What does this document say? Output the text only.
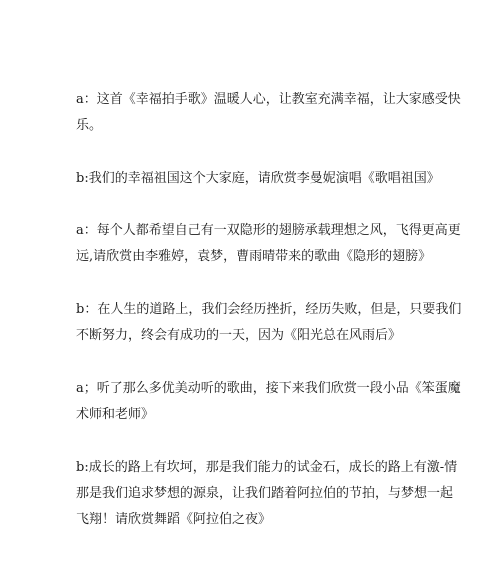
a：这首《幸福拍手歌》温暖人心，让教室充满幸福，让大家感受快
乐。
b:我们的幸福祖国这个大家庭，请欣赏李曼妮演唱《歌唱祖国》
a：每个人都希望自己有一双隐形的翅膀承载理想之风，飞得更高更
远,请欣赏由李雅婷，袁梦，曹雨晴带来的歌曲《隐形的翅膀》
b：在人生的道路上，我们会经历挫折，经历失败，但是，只要我们
不断努力，终会有成功的一天，因为《阳光总在风雨后》
a；听了那么多优美动听的歌曲，接下来我们欣赏一段小品《笨蛋魔
术师和老师》
b:成长的路上有坎坷，那是我们能力的试金石，成长的路上有激-情
那是我们追求梦想的源泉，让我们踏着阿拉伯的节拍，与梦想一起
飞翔！请欣赏舞蹈《阿拉伯之夜》
